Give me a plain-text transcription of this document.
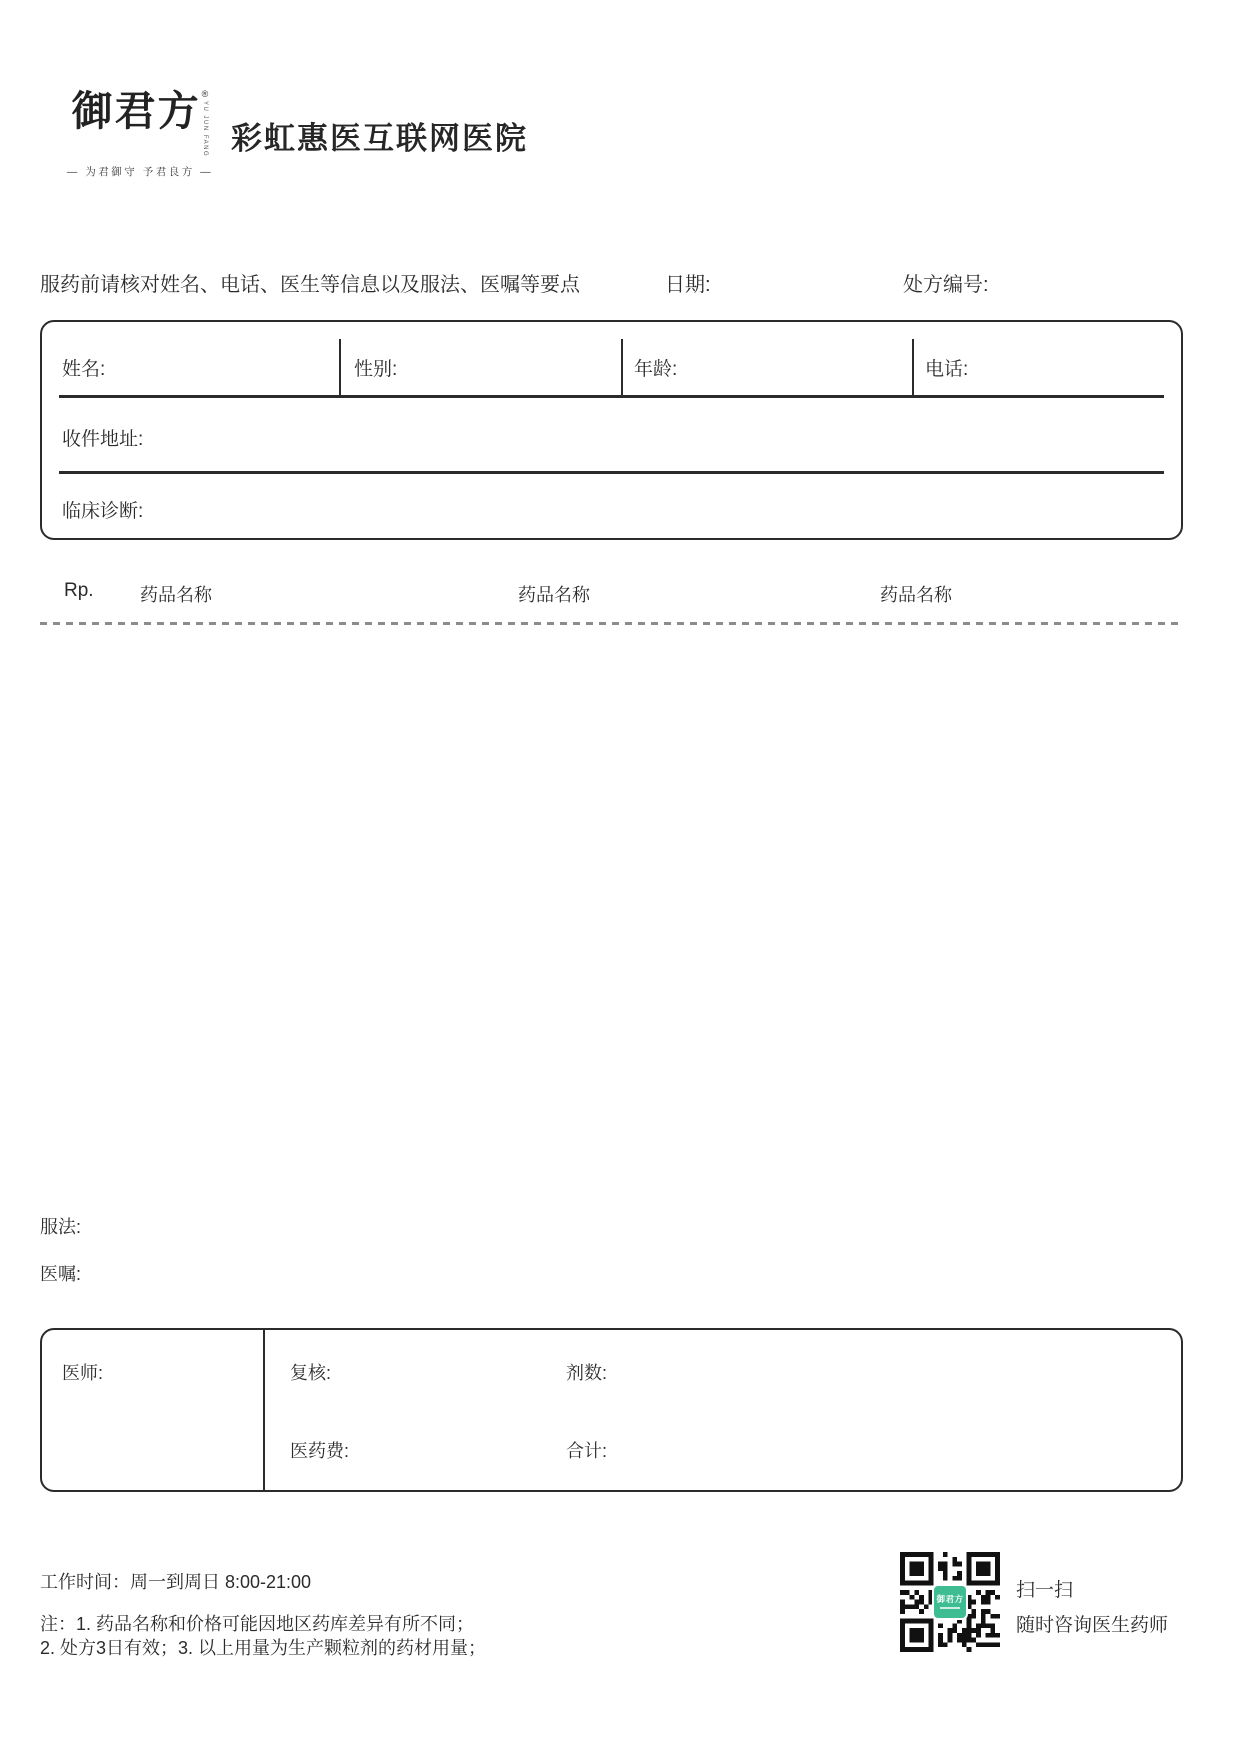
御君方 ®
YU JUN FANG
— 为君御守 予君良方 —
彩虹惠医互联网医院
服药前请核对姓名、电话、医生等信息以及服法、医嘱等要点	日期:	处方编号:
姓名:	性别:	年龄:	电话:
收件地址:
临床诊断:
Rp.	药品名称	药品名称	药品名称
服法:
医嘱:
医师:	复核:	剂数:
医药费:	合计:
工作时间：周一到周日 8:00-21:00
注：1. 药品名称和价格可能因地区药库差异有所不同；
2. 处方3日有效；3. 以上用量为生产颗粒剂的药材用量；
御君方	扫一扫
随时咨询医生药师
